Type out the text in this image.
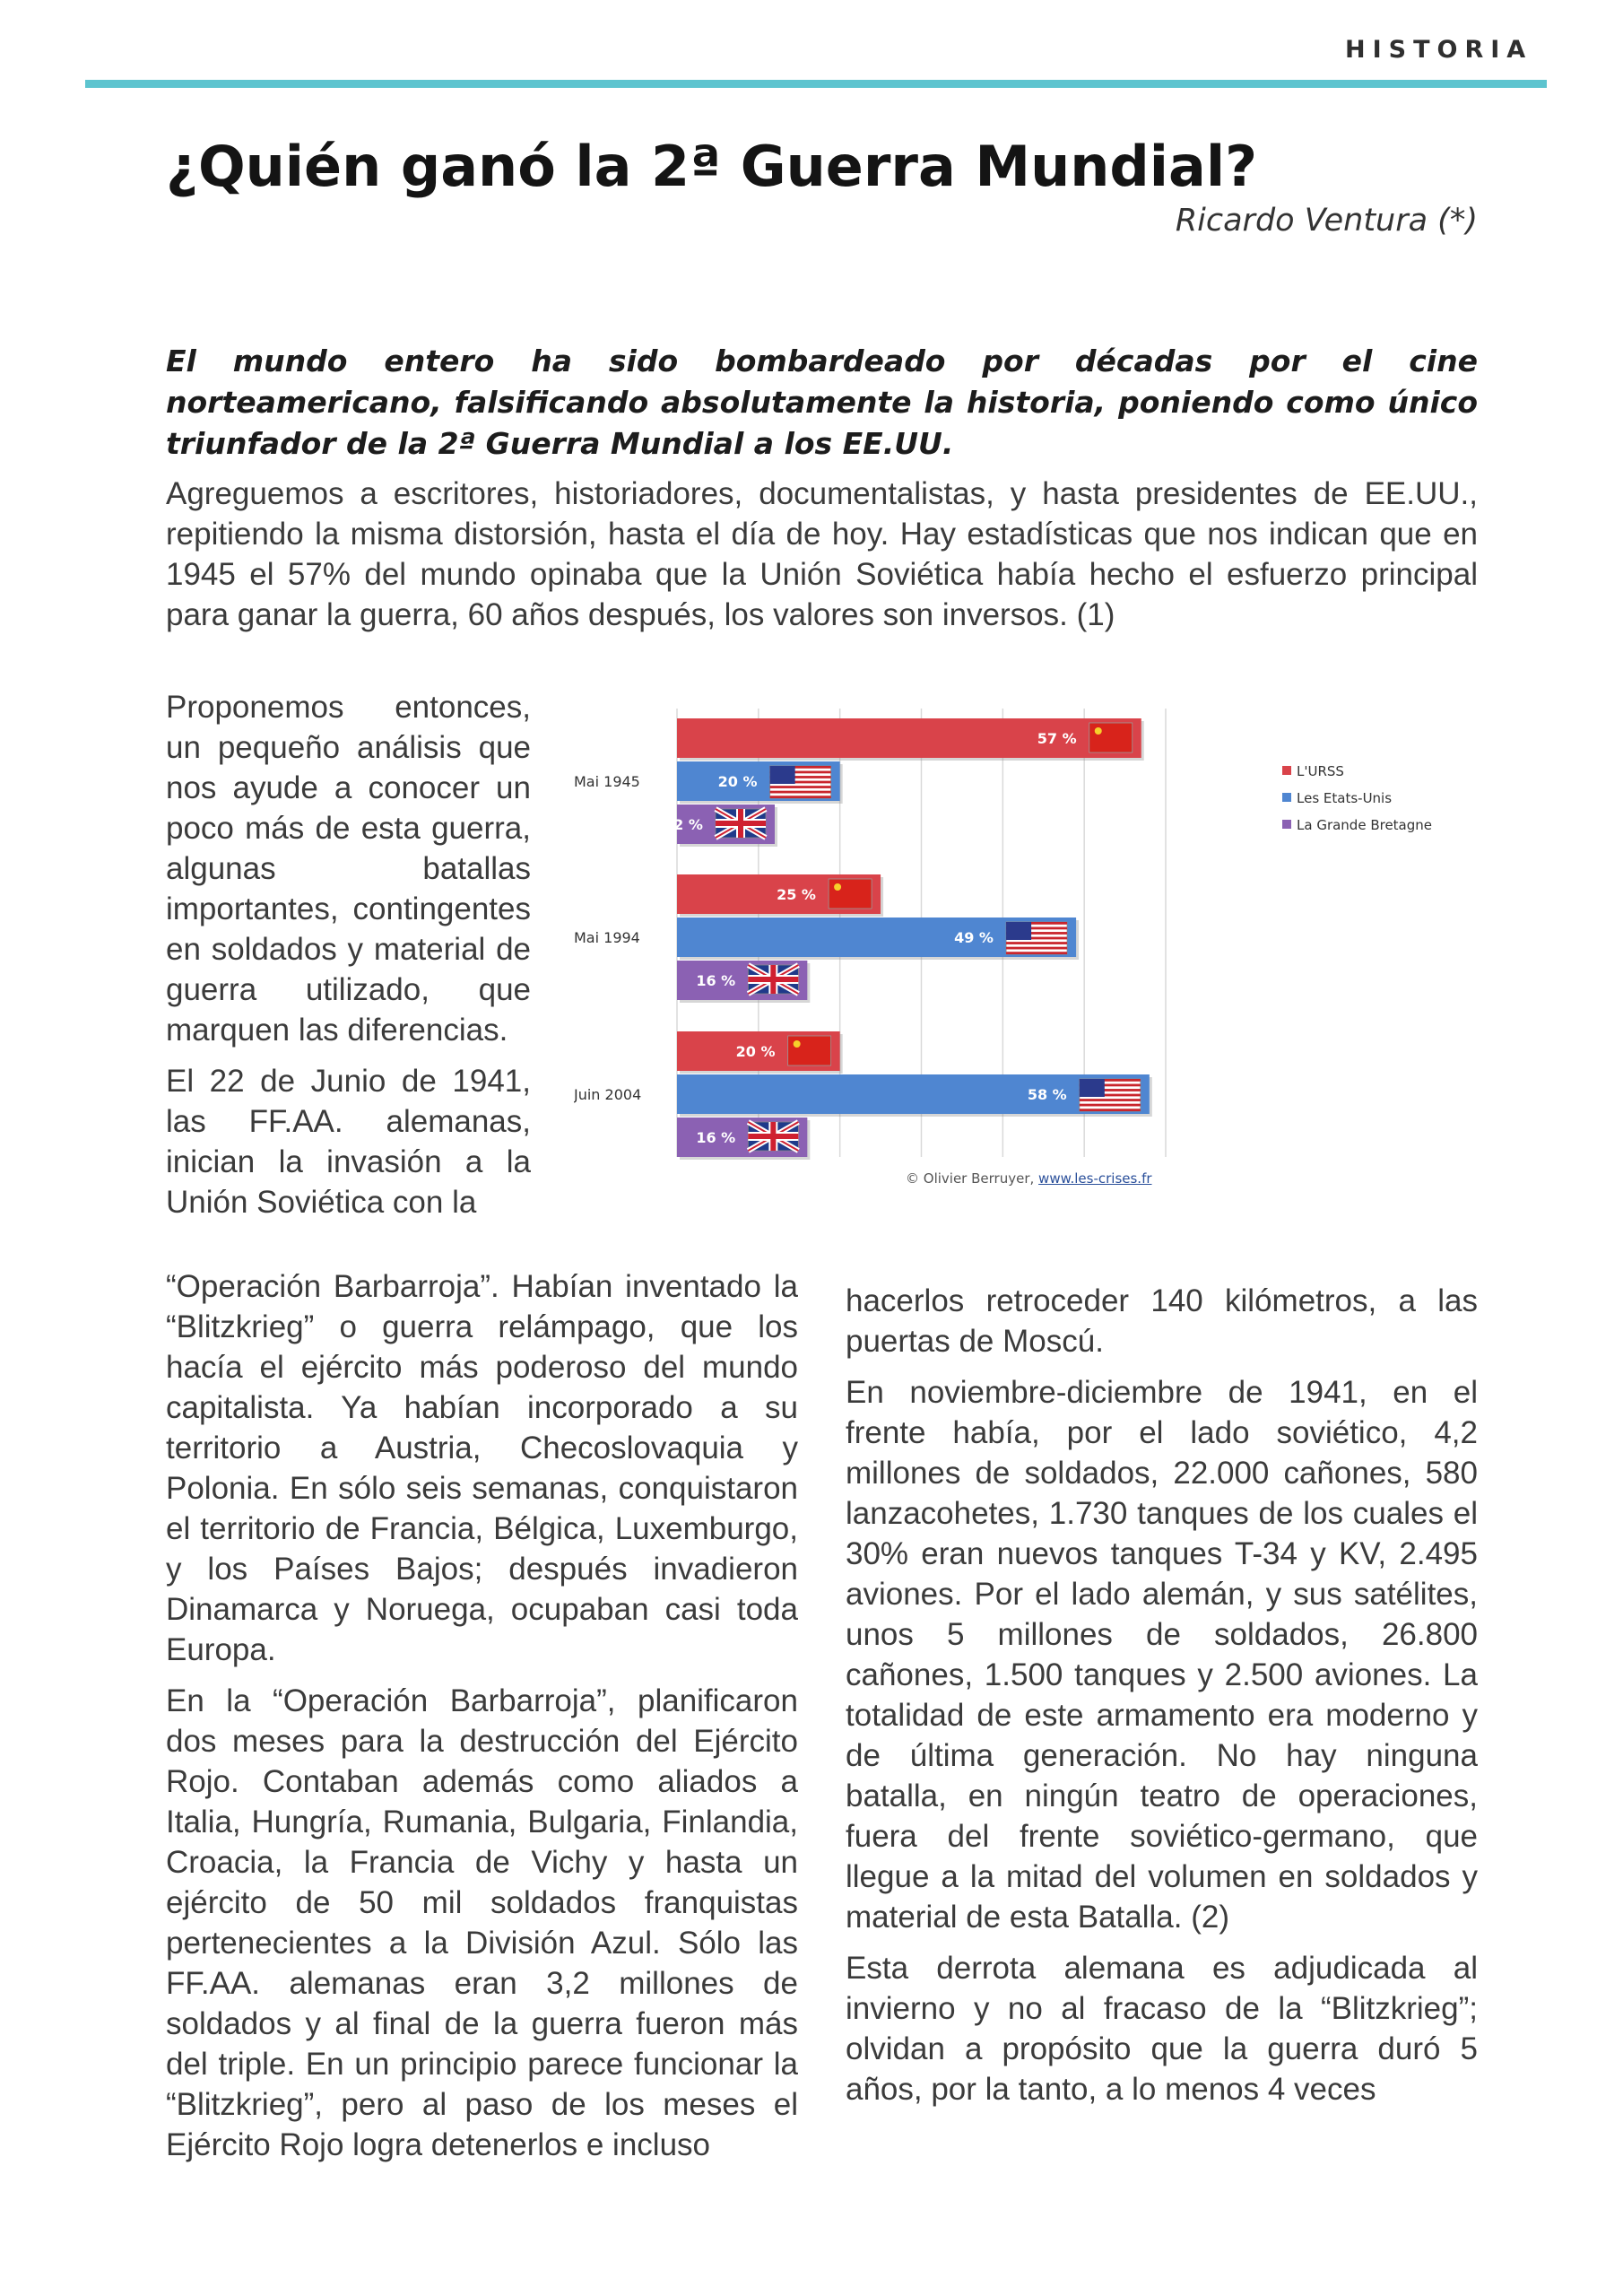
HISTORIA
¿Quién ganó la 2ª Guerra Mundial?
Ricardo Ventura (*)

El mundo entero ha sido bombardeado por décadas por el cine norteamericano, falsificando absolutamente la historia, poniendo como único triunfador de la 2ª Guerra Mundial a los EE.UU.

Agreguemos a escritores, historiadores, documentalistas, y hasta presidentes de EE.UU., repitiendo la misma distorsión, hasta el día de hoy. Hay estadísticas que nos indican que en 1945 el 57% del mundo opinaba que la Unión Soviética había hecho el esfuerzo principal para ganar la guerra, 60 años después, los valores son inversos. (1)

Proponemos entonces, un pequeño análisis que nos ayude a conocer un poco más de esta guerra, algunas batallas importantes, contingentes en soldados y material de guerra utilizado, que marquen las diferencias.

El 22 de Junio de 1941, las FF.AA. alemanas, inician la invasión a la Unión Soviética con la

Mai 1945
57 %
20 %
12 %
Mai 1994
25 %
49 %
16 %
Juin 2004
20 %
58 %
16 %
L'URSS
Les Etats-Unis
La Grande Bretagne
© Olivier Berruyer, www.les-crises.fr

“Operación Barbarroja”. Habían inventado la “Blitzkrieg” o guerra relámpago, que los hacía el ejército más poderoso del mundo capitalista. Ya habían incorporado a su territorio a Austria, Checoslovaquia y Polonia. En sólo seis semanas, conquistaron el territorio de Francia, Bélgica, Luxemburgo, y los Países Bajos; después invadieron Dinamarca y Noruega, ocupaban casi toda Europa.

En la “Operación Barbarroja”, planificaron dos meses para la destrucción del Ejército Rojo. Contaban además como aliados a Italia, Hungría, Rumania, Bulgaria, Finlandia, Croacia, la Francia de Vichy y hasta un ejército de 50 mil soldados franquistas pertenecientes a la División Azul. Sólo las FF.AA. alemanas eran 3,2 millones de soldados y al final de la guerra fueron más del triple. En un principio parece funcionar la “Blitzkrieg”, pero al paso de los meses el Ejército Rojo logra detenerlos e incluso

hacerlos retroceder 140 kilómetros, a las puertas de Moscú.

En noviembre-diciembre de 1941, en el frente había, por el lado soviético, 4,2 millones de soldados, 22.000 cañones, 580 lanzacohetes, 1.730 tanques de los cuales el 30% eran nuevos tanques T-34 y KV, 2.495 aviones. Por el lado alemán, y sus satélites, unos 5 millones de soldados, 26.800 cañones, 1.500 tanques y 2.500 aviones. La totalidad de este armamento era moderno y de última generación. No hay ninguna batalla, en ningún teatro de operaciones, fuera del frente soviético-germano, que llegue a la mitad del volumen en soldados y material de esta Batalla. (2)

Esta derrota alemana es adjudicada al invierno y no al fracaso de la “Blitzkrieg”; olvidan a propósito que la guerra duró 5 años, por la tanto, a lo menos 4 veces
